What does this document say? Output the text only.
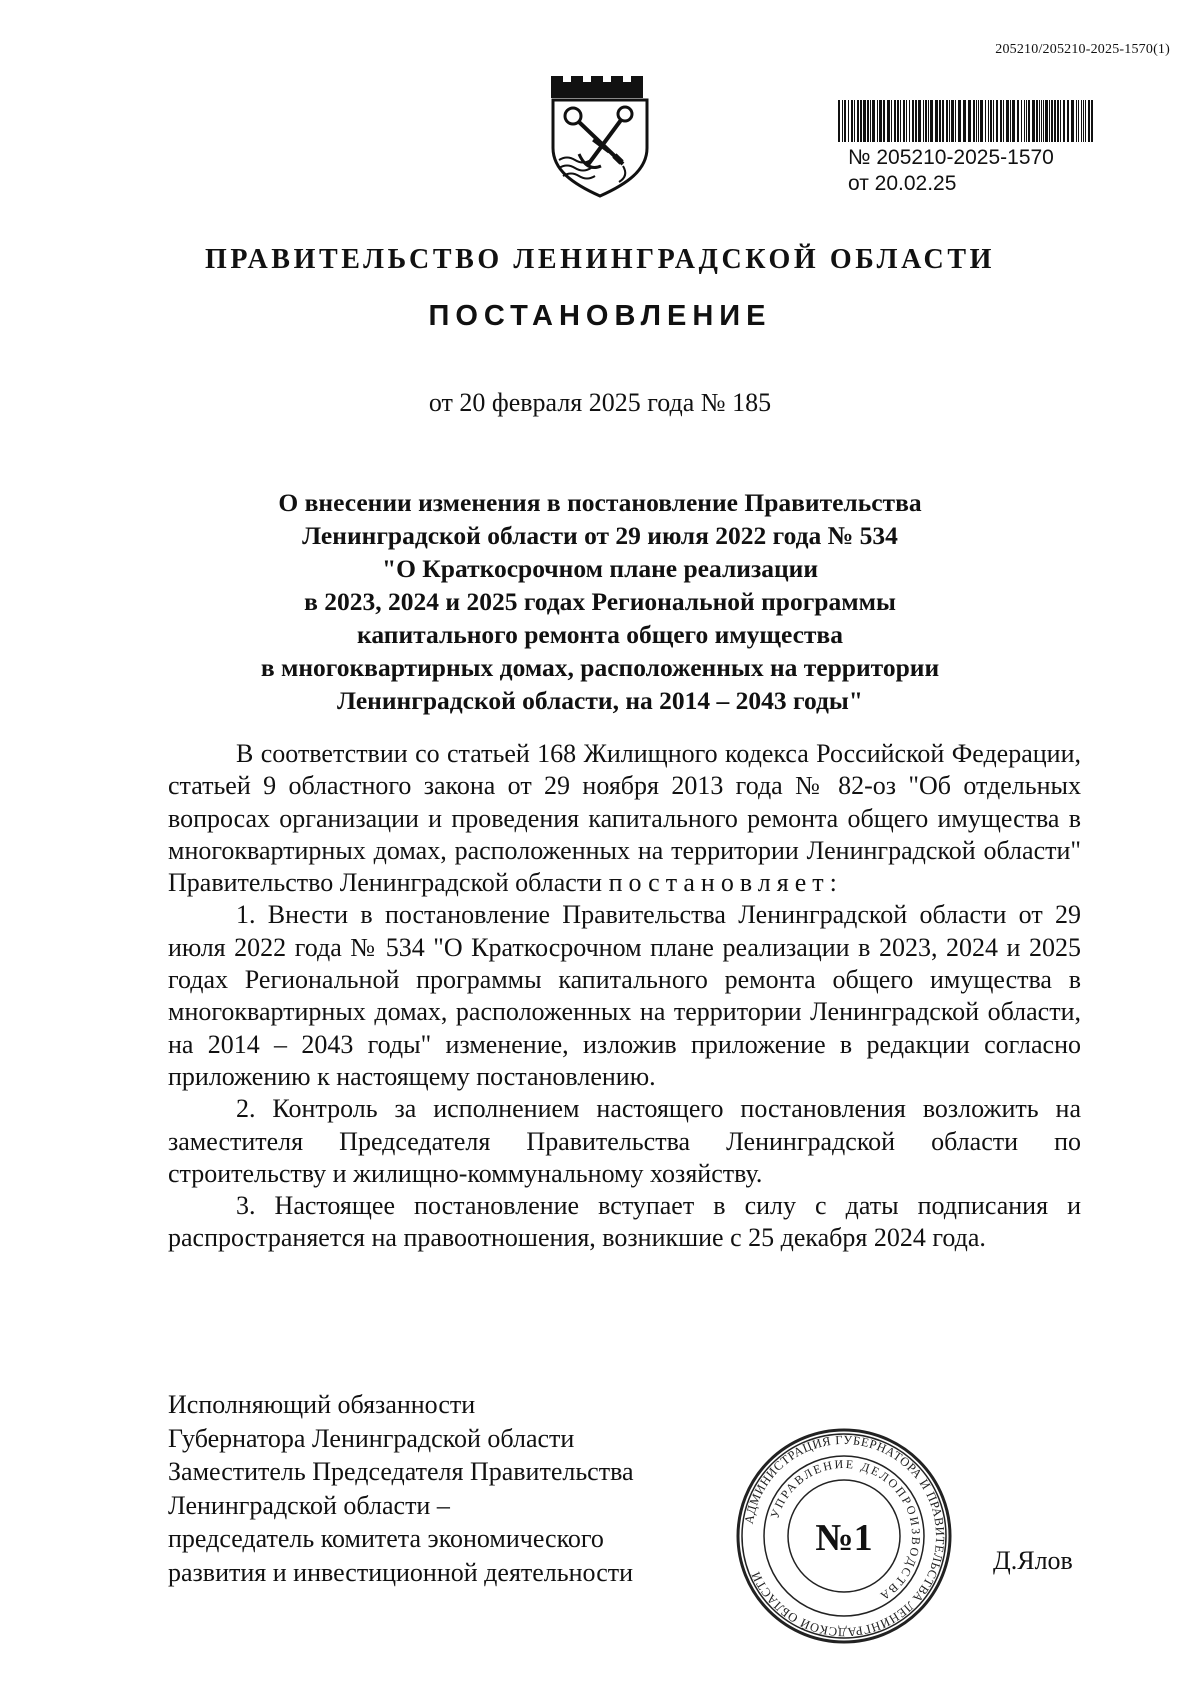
205210/205210-2025-1570(1)
№ 205210-2025-1570
от 20.02.25
ПРАВИТЕЛЬСТВО ЛЕНИНГРАДСКОЙ ОБЛАСТИ
ПОСТАНОВЛЕНИЕ
от 20 февраля 2025 года № 185
О внесении изменения в постановление Правительства
Ленинградской области от 29 июля 2022 года № 534
"О Краткосрочном плане реализации
в 2023, 2024 и 2025 годах Региональной программы
капитального ремонта общего имущества
в многоквартирных домах, расположенных на территории
Ленинградской области, на 2014 – 2043 годы"
В соответствии со статьей 168 Жилищного кодекса Российской Федерации, статьей 9 областного закона от 29 ноября 2013 года № 82-оз "Об отдельных вопросах организации и проведения капитального ремонта общего имущества в многоквартирных домах, расположенных на территории Ленинградской области" Правительство Ленинградской области постановляет:
1. Внести в постановление Правительства Ленинградской области от 29 июля 2022 года № 534 "О Краткосрочном плане реализации в 2023, 2024 и 2025 годах Региональной программы капитального ремонта общего имущества в многоквартирных домах, расположенных на территории Ленинградской области, на 2014 – 2043 годы" изменение, изложив приложение в редакции согласно приложению к настоящему постановлению.
2. Контроль за исполнением настоящего постановления возложить на заместителя Председателя Правительства Ленинградской области по строительству и жилищно-коммунальному хозяйству.
3. Настоящее постановление вступает в силу с даты подписания и распространяется на правоотношения, возникшие с 25 декабря 2024 года.
Исполняющий обязанности
Губернатора Ленинградской области
Заместитель Председателя Правительства
Ленинградской области –
председатель комитета экономического
развития и инвестиционной деятельности
АДМИНИСТРАЦИЯ ГУБЕРНАТОРА И ПРАВИТЕЛЬСТВА ЛЕНИНГРАДСКОЙ ОБЛАСТИ
УПРАВЛЕНИЕ ДЕЛОПРОИЗВОДСТВА
№1
Д.Ялов
